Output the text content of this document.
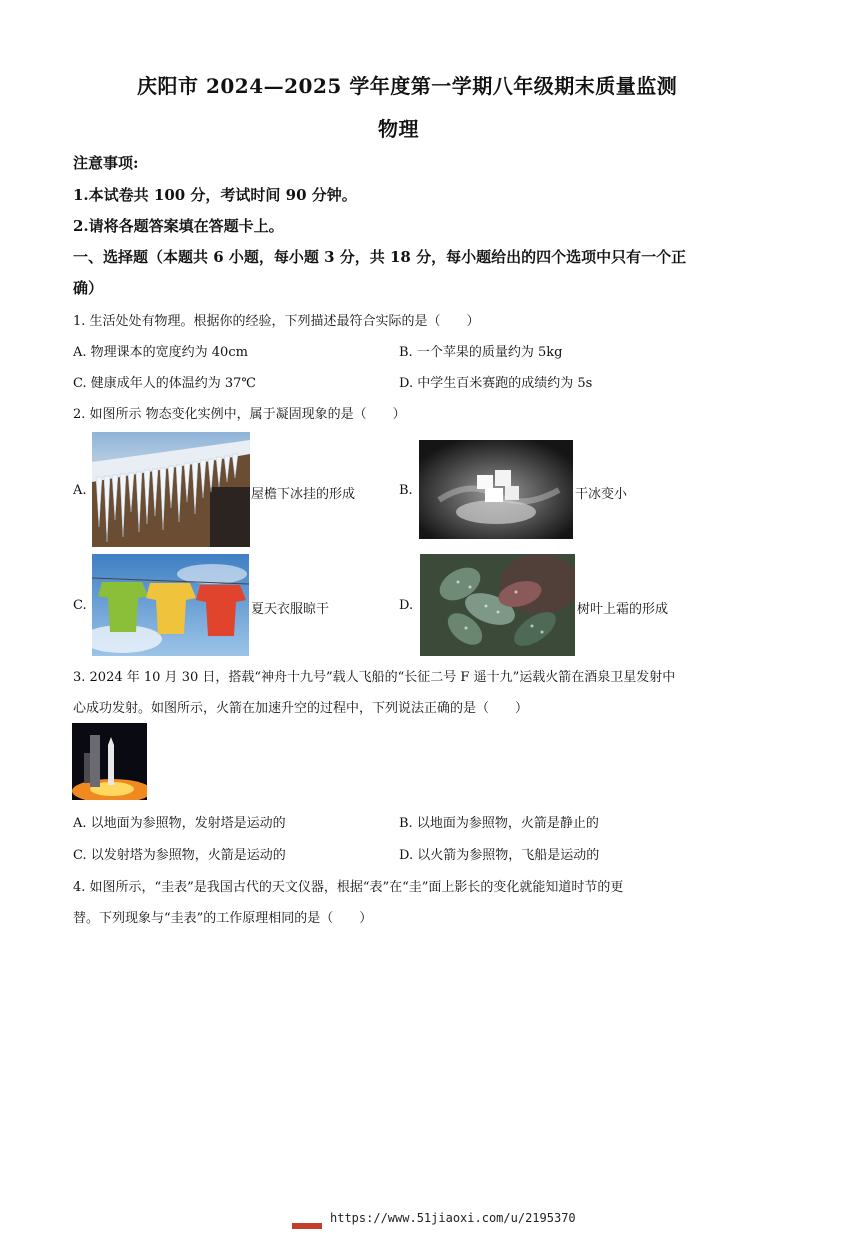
庆阳市 2024—2025 学年度第一学期八年级期末质量监测
物理
注意事项:
1.本试卷共 100 分，考试时间 90 分钟。
2.请将各题答案填在答题卡上。
一、选择题（本题共 6 小题，每小题 3 分，共 18 分，每小题给出的四个选项中只有一个正
确）
1. 生活处处有物理。根据你的经验，下列描述最符合实际的是（　　）
A. 物理课本的宽度约为 40cm	B. 一个苹果的质量约为 5kg
C. 健康成年人的体温约为 37℃	D. 中学生百米赛跑的成绩约为 5s
2. 如图所示 物态变化实例中，属于凝固现象的是（　　）
A.	屋檐下冰挂的形成	B.	干冰变小
C.	夏天衣服晾干	D.	树叶上霜的形成
3. 2024 年 10 月 30 日，搭载“神舟十九号”载人飞船的“长征二号 F 遥十九”运载火箭在酒泉卫星发射中
心成功发射。如图所示，火箭在加速升空的过程中，下列说法正确的是（　　）
A. 以地面为参照物，发射塔是运动的	B. 以地面为参照物，火箭是静止的
C. 以发射塔为参照物，火箭是运动的	D. 以火箭为参照物，飞船是运动的
4. 如图所示，“圭表”是我国古代的天文仪器，根据“表”在“圭”面上影长的变化就能知道时节的更
替。下列现象与“圭表”的工作原理相同的是（　　）
https://www.51jiaoxi.com/u/2195370
